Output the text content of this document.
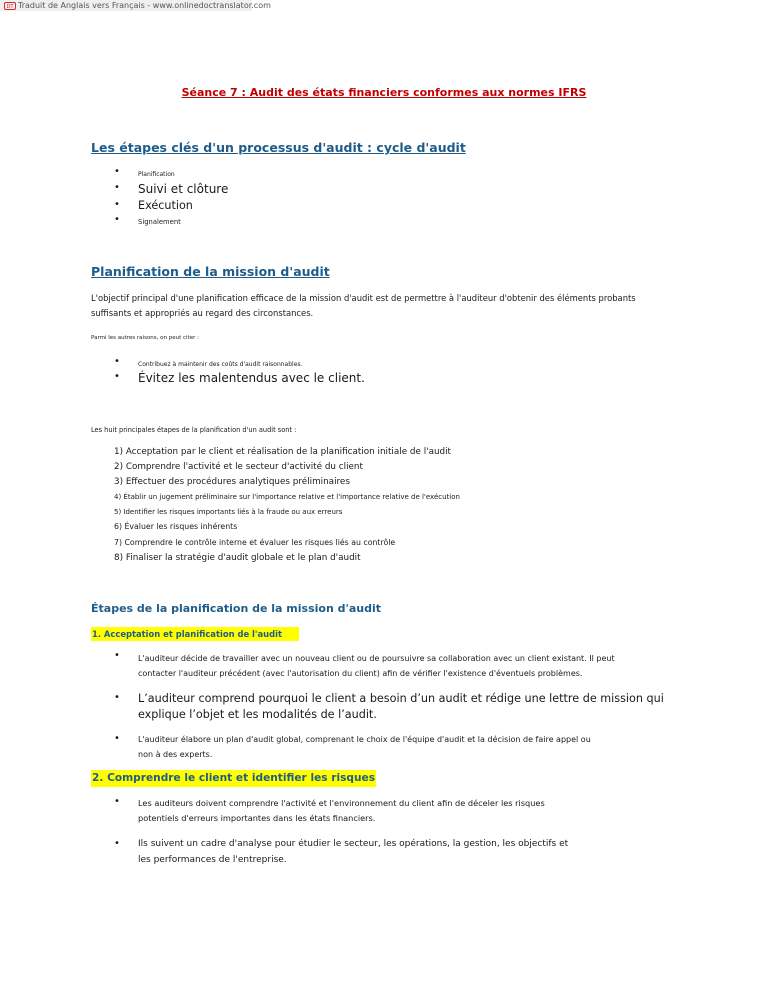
DT Traduit de Anglais vers Français - www.onlinedoctranslator.com
Séance 7 : Audit des états financiers conformes aux normes IFRS
Les étapes clés d'un processus d'audit : cycle d'audit
•	Planification
• Suivi et clôture
• Exécution
•	Signalement
Planification de la mission d'audit
L'objectif principal d'une planification efficace de la mission d'audit est de permettre à l'auditeur d'obtenir des éléments probants
suffisants et appropriés au regard des circonstances.
Parmi les autres raisons, on peut citer :
•	Contribuez à maintenir des coûts d'audit raisonnables.
• Évitez les malentendus avec le client.
Les huit principales étapes de la planification d'un audit sont :
1) Acceptation par le client et réalisation de la planification initiale de l'audit
2) Comprendre l'activité et le secteur d'activité du client
3) Effectuer des procédures analytiques préliminaires
4) Établir un jugement préliminaire sur l'importance relative et l'importance relative de l'exécution
5) Identifier les risques importants liés à la fraude ou aux erreurs
6) Évaluer les risques inhérents
7) Comprendre le contrôle interne et évaluer les risques liés au contrôle
8) Finaliser la stratégie d'audit globale et le plan d'audit
Étapes de la planification de la mission d'audit
1. Acceptation et planification de l'audit
• L'auditeur décide de travailler avec un nouveau client ou de poursuivre sa collaboration avec un client existant. Il peut
contacter l'auditeur précédent (avec l'autorisation du client) afin de vérifier l'existence d'éventuels problèmes.
• L’auditeur comprend pourquoi le client a besoin d’un audit et rédige une lettre de mission qui
explique l’objet et les modalités de l’audit.
• L'auditeur élabore un plan d'audit global, comprenant le choix de l'équipe d'audit et la décision de faire appel ou
non à des experts.
2. Comprendre le client et identifier les risques
• Les auditeurs doivent comprendre l'activité et l'environnement du client afin de déceler les risques
potentiels d'erreurs importantes dans les états financiers.
• Ils suivent un cadre d'analyse pour étudier le secteur, les opérations, la gestion, les objectifs et
les performances de l'entreprise.
